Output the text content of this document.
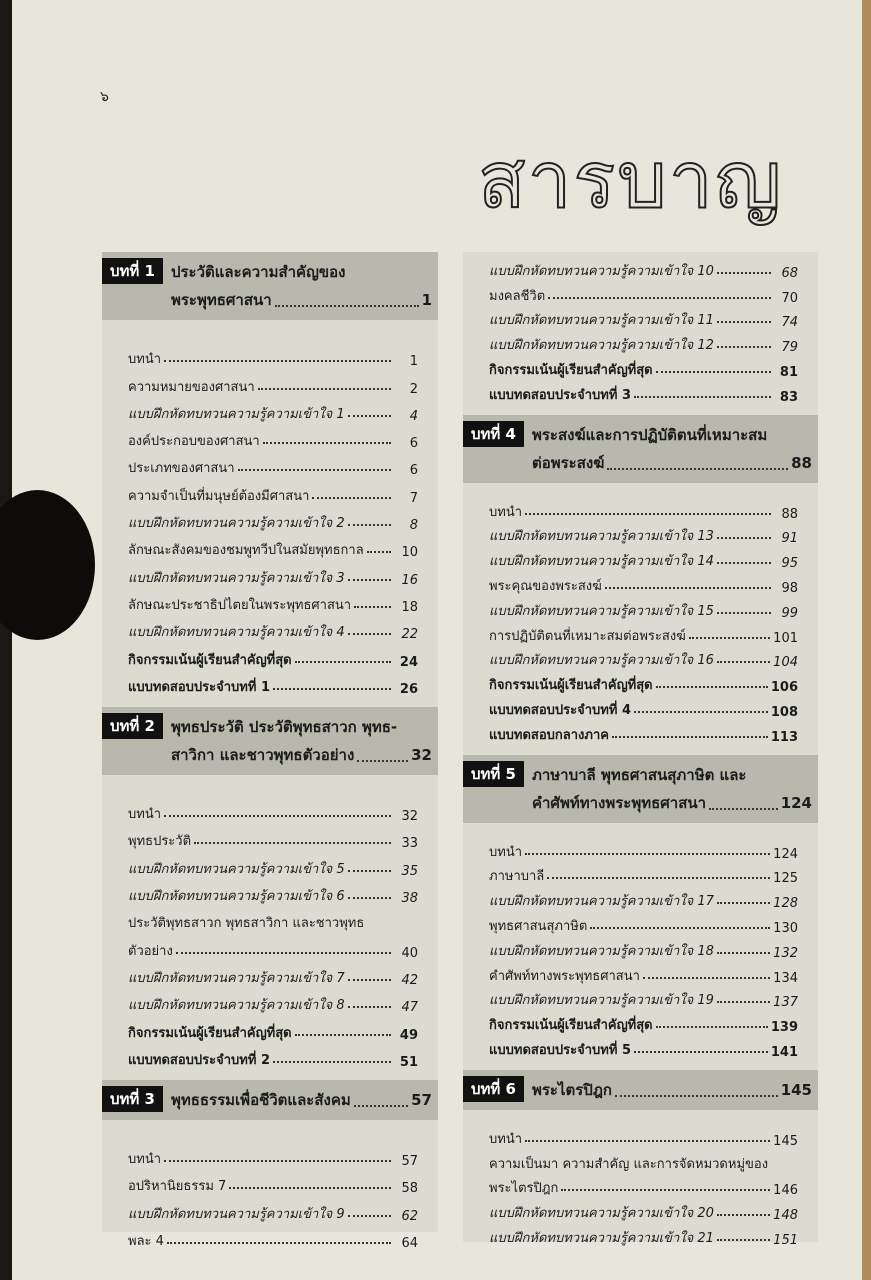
๖
สารบาญ
บทที่ 1	ประวัติและความสำคัญของ
พระพุทธศาสนา	1
บทนำ	1
ความหมายของศาสนา	2
แบบฝึกหัดทบทวนความรู้ความเข้าใจ 1	4
องค์ประกอบของศาสนา	6
ประเภทของศาสนา	6
ความจำเป็นที่มนุษย์ต้องมีศาสนา	7
แบบฝึกหัดทบทวนความรู้ความเข้าใจ 2	8
ลักษณะสังคมของชมพูทวีปในสมัยพุทธกาล	10
แบบฝึกหัดทบทวนความรู้ความเข้าใจ 3	16
ลักษณะประชาธิปไตยในพระพุทธศาสนา	18
แบบฝึกหัดทบทวนความรู้ความเข้าใจ 4	22
กิจกรรมเน้นผู้เรียนสำคัญที่สุด	24
แบบทดสอบประจำบทที่ 1	26
บทที่ 2	พุทธประวัติ ประวัติพุทธสาวก พุทธ-
สาวิกา และชาวพุทธตัวอย่าง	32
บทนำ	32
พุทธประวัติ	33
แบบฝึกหัดทบทวนความรู้ความเข้าใจ 5	35
แบบฝึกหัดทบทวนความรู้ความเข้าใจ 6	38
ประวัติพุทธสาวก พุทธสาวิกา และชาวพุทธ
ตัวอย่าง	40
แบบฝึกหัดทบทวนความรู้ความเข้าใจ 7	42
แบบฝึกหัดทบทวนความรู้ความเข้าใจ 8	47
กิจกรรมเน้นผู้เรียนสำคัญที่สุด	49
แบบทดสอบประจำบทที่ 2	51
บทที่ 3	พุทธธรรมเพื่อชีวิตและสังคม	57
บทนำ	57
อปริหานิยธรรม 7	58
แบบฝึกหัดทบทวนความรู้ความเข้าใจ 9	62
พละ 4	64
แบบฝึกหัดทบทวนความรู้ความเข้าใจ 10	68
มงคลชีวิต	70
แบบฝึกหัดทบทวนความรู้ความเข้าใจ 11	74
แบบฝึกหัดทบทวนความรู้ความเข้าใจ 12	79
กิจกรรมเน้นผู้เรียนสำคัญที่สุด	81
แบบทดสอบประจำบทที่ 3	83
บทที่ 4	พระสงฆ์และการปฏิบัติตนที่เหมาะสม
ต่อพระสงฆ์	88
บทนำ	88
แบบฝึกหัดทบทวนความรู้ความเข้าใจ 13	91
แบบฝึกหัดทบทวนความรู้ความเข้าใจ 14	95
พระคุณของพระสงฆ์	98
แบบฝึกหัดทบทวนความรู้ความเข้าใจ 15	99
การปฏิบัติตนที่เหมาะสมต่อพระสงฆ์	101
แบบฝึกหัดทบทวนความรู้ความเข้าใจ 16	104
กิจกรรมเน้นผู้เรียนสำคัญที่สุด	106
แบบทดสอบประจำบทที่ 4	108
แบบทดสอบกลางภาค	113
บทที่ 5	ภาษาบาลี พุทธศาสนสุภาษิต และ
คำศัพท์ทางพระพุทธศาสนา	124
บทนำ	124
ภาษาบาลี	125
แบบฝึกหัดทบทวนความรู้ความเข้าใจ 17	128
พุทธศาสนสุภาษิต	130
แบบฝึกหัดทบทวนความรู้ความเข้าใจ 18	132
คำศัพท์ทางพระพุทธศาสนา	134
แบบฝึกหัดทบทวนความรู้ความเข้าใจ 19	137
กิจกรรมเน้นผู้เรียนสำคัญที่สุด	139
แบบทดสอบประจำบทที่ 5	141
บทที่ 6	พระไตรปิฎก	145
บทนำ	145
ความเป็นมา ความสำคัญ และการจัดหมวดหมู่ของ
พระไตรปิฎก	146
แบบฝึกหัดทบทวนความรู้ความเข้าใจ 20	148
แบบฝึกหัดทบทวนความรู้ความเข้าใจ 21	151
